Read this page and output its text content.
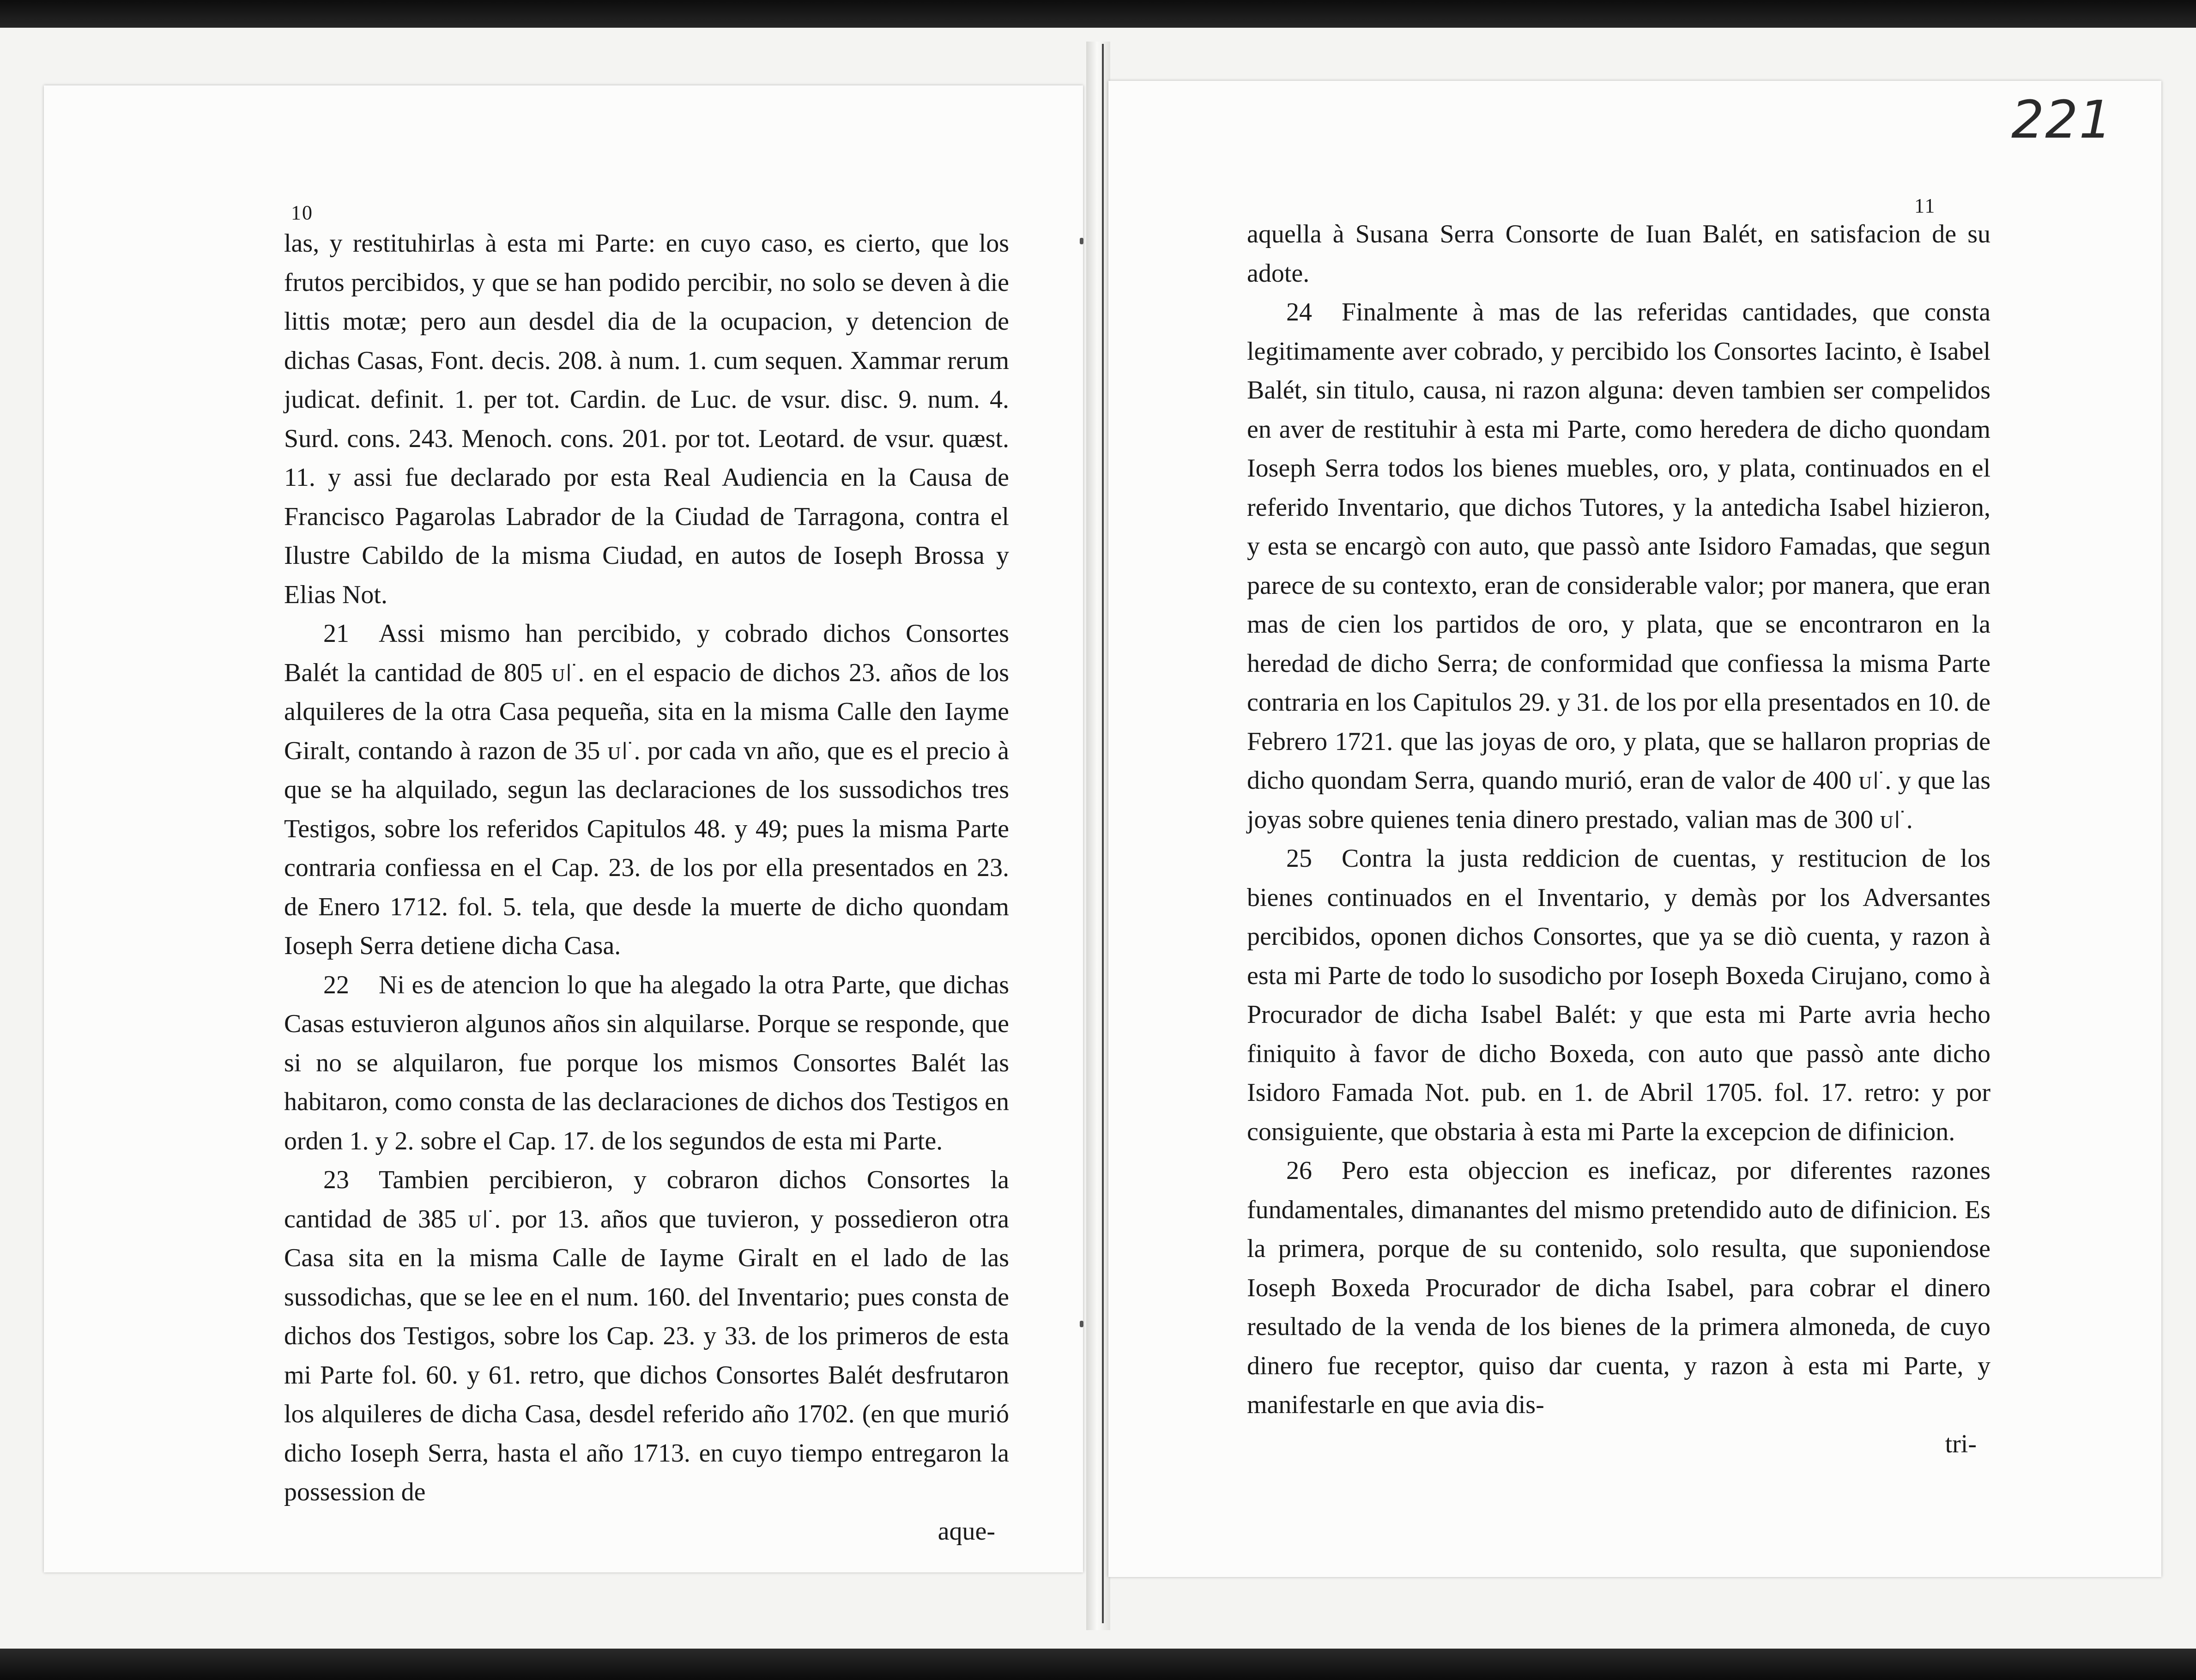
10

las, y restituhirlas à esta mi Parte: en cuyo caso, es cierto, que los frutos percibidos, y que se han podido percibir, no solo se deven à die littis motæ; pero aun desdel dia de la ocupacion, y detencion de dichas Casas, Font. decis. 208. à num. 1. cum sequen. Xammar rerum judicat. definit. 1. per tot. Cardin. de Luc. de vsur. disc. 9. num. 4. Surd. cons. 243. Menoch. cons. 201. por tot. Leotard. de vsur. quæst. 11. y assi fue declarado por esta Real Audiencia en la Causa de Francisco Pagarolas Labrador de la Ciudad de Tarragona, contra el Ilustre Cabildo de la misma Ciudad, en autos de Ioseph Brossa y Elias Not.

21 Assi mismo han percibido, y cobrado dichos Consortes Balét la cantidad de 805 ᴜ꜍. en el espacio de dichos 23. años de los alquileres de la otra Casa pequeña, sita en la misma Calle den Iayme Giralt, contando à razon de 35 ᴜ꜍. por cada vn año, que es el precio à que se ha alquilado, segun las declaraciones de los sussodichos tres Testigos, sobre los referidos Capitulos 48. y 49; pues la misma Parte contraria confiessa en el Cap. 23. de los por ella presentados en 23. de Enero 1712. fol. 5. tela, que desde la muerte de dicho quondam Ioseph Serra detiene dicha Casa.

22 Ni es de atencion lo que ha alegado la otra Parte, que dichas Casas estuvieron algunos años sin alquilarse. Porque se responde, que si no se alquilaron, fue porque los mismos Consortes Balét las habitaron, como consta de las declaraciones de dichos dos Testigos en orden 1. y 2. sobre el Cap. 17. de los segundos de esta mi Parte.

23 Tambien percibieron, y cobraron dichos Consortes la cantidad de 385 ᴜ꜍. por 13. años que tuvieron, y possedieron otra Casa sita en la misma Calle de Iayme Giralt en el lado de las sussodichas, que se lee en el num. 160. del Inventario; pues consta de dichos dos Testigos, sobre los Cap. 23. y 33. de los primeros de esta mi Parte fol. 60. y 61. retro, que dichos Consortes Balét desfrutaron los alquileres de dicha Casa, desdel referido año 1702. (en que murió dicho Ioseph Serra, hasta el año 1713. en cuyo tiempo entregaron la possession de

aque-

221
11

aquella à Susana Serra Consorte de Iuan Balét, en satisfacion de su adote.

24 Finalmente à mas de las referidas cantidades, que consta legitimamente aver cobrado, y percibido los Consortes Iacinto, è Isabel Balét, sin titulo, causa, ni razon alguna: deven tambien ser compelidos en aver de restituhir à esta mi Parte, como heredera de dicho quondam Ioseph Serra todos los bienes muebles, oro, y plata, continuados en el referido Inventario, que dichos Tutores, y la antedicha Isabel hizieron, y esta se encargò con auto, que passò ante Isidoro Famadas, que segun parece de su contexto, eran de considerable valor; por manera, que eran mas de cien los partidos de oro, y plata, que se encontraron en la heredad de dicho Serra; de conformidad que confiessa la misma Parte contraria en los Capitulos 29. y 31. de los por ella presentados en 10. de Febrero 1721. que las joyas de oro, y plata, que se hallaron proprias de dicho quondam Serra, quando murió, eran de valor de 400 ᴜ꜍. y que las joyas sobre quienes tenia dinero prestado, valian mas de 300 ᴜ꜍.

25 Contra la justa reddicion de cuentas, y restitucion de los bienes continuados en el Inventario, y demàs por los Adversantes percibidos, oponen dichos Consortes, que ya se diò cuenta, y razon à esta mi Parte de todo lo susodicho por Ioseph Boxeda Cirujano, como à Procurador de dicha Isabel Balét: y que esta mi Parte avria hecho finiquito à favor de dicho Boxeda, con auto que passò ante dicho Isidoro Famada Not. pub. en 1. de Abril 1705. fol. 17. retro: y por consiguiente, que obstaria à esta mi Parte la excepcion de difinicion.

26 Pero esta objeccion es ineficaz, por diferentes razones fundamentales, dimanantes del mismo pretendido auto de difinicion. Es la primera, porque de su contenido, solo resulta, que suponiendose Ioseph Boxeda Procurador de dicha Isabel, para cobrar el dinero resultado de la venda de los bienes de la primera almoneda, de cuyo dinero fue receptor, quiso dar cuenta, y razon à esta mi Parte, y manifestarle en que avia dis-

tri-
